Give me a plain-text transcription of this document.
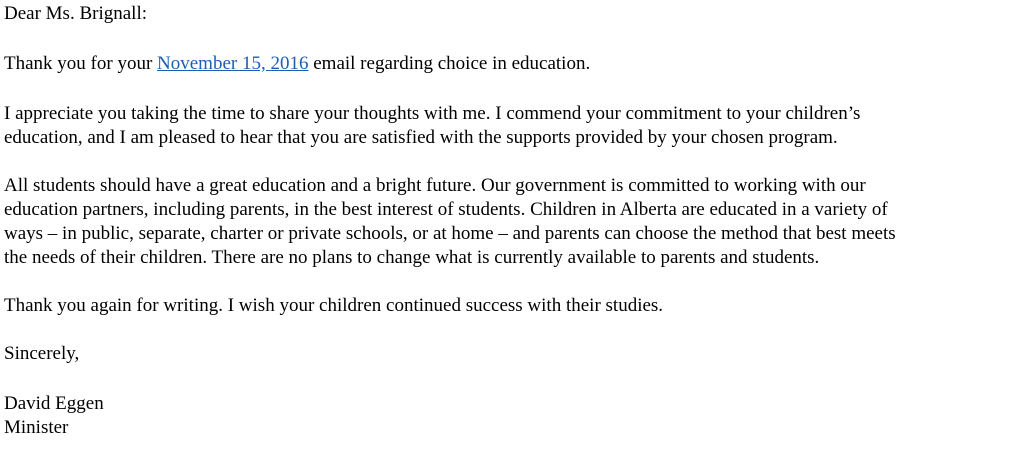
Dear Ms. Brignall:

Thank you for your November 15, 2016 email regarding choice in education.

I appreciate you taking the time to share your thoughts with me. I commend your commitment to your children’s
education, and I am pleased to hear that you are satisfied with the supports provided by your chosen program.

All students should have a great education and a bright future. Our government is committed to working with our
education partners, including parents, in the best interest of students. Children in Alberta are educated in a variety of
ways – in public, separate, charter or private schools, or at home – and parents can choose the method that best meets
the needs of their children. There are no plans to change what is currently available to parents and students.

Thank you again for writing. I wish your children continued success with their studies.

Sincerely,

David Eggen
Minister
